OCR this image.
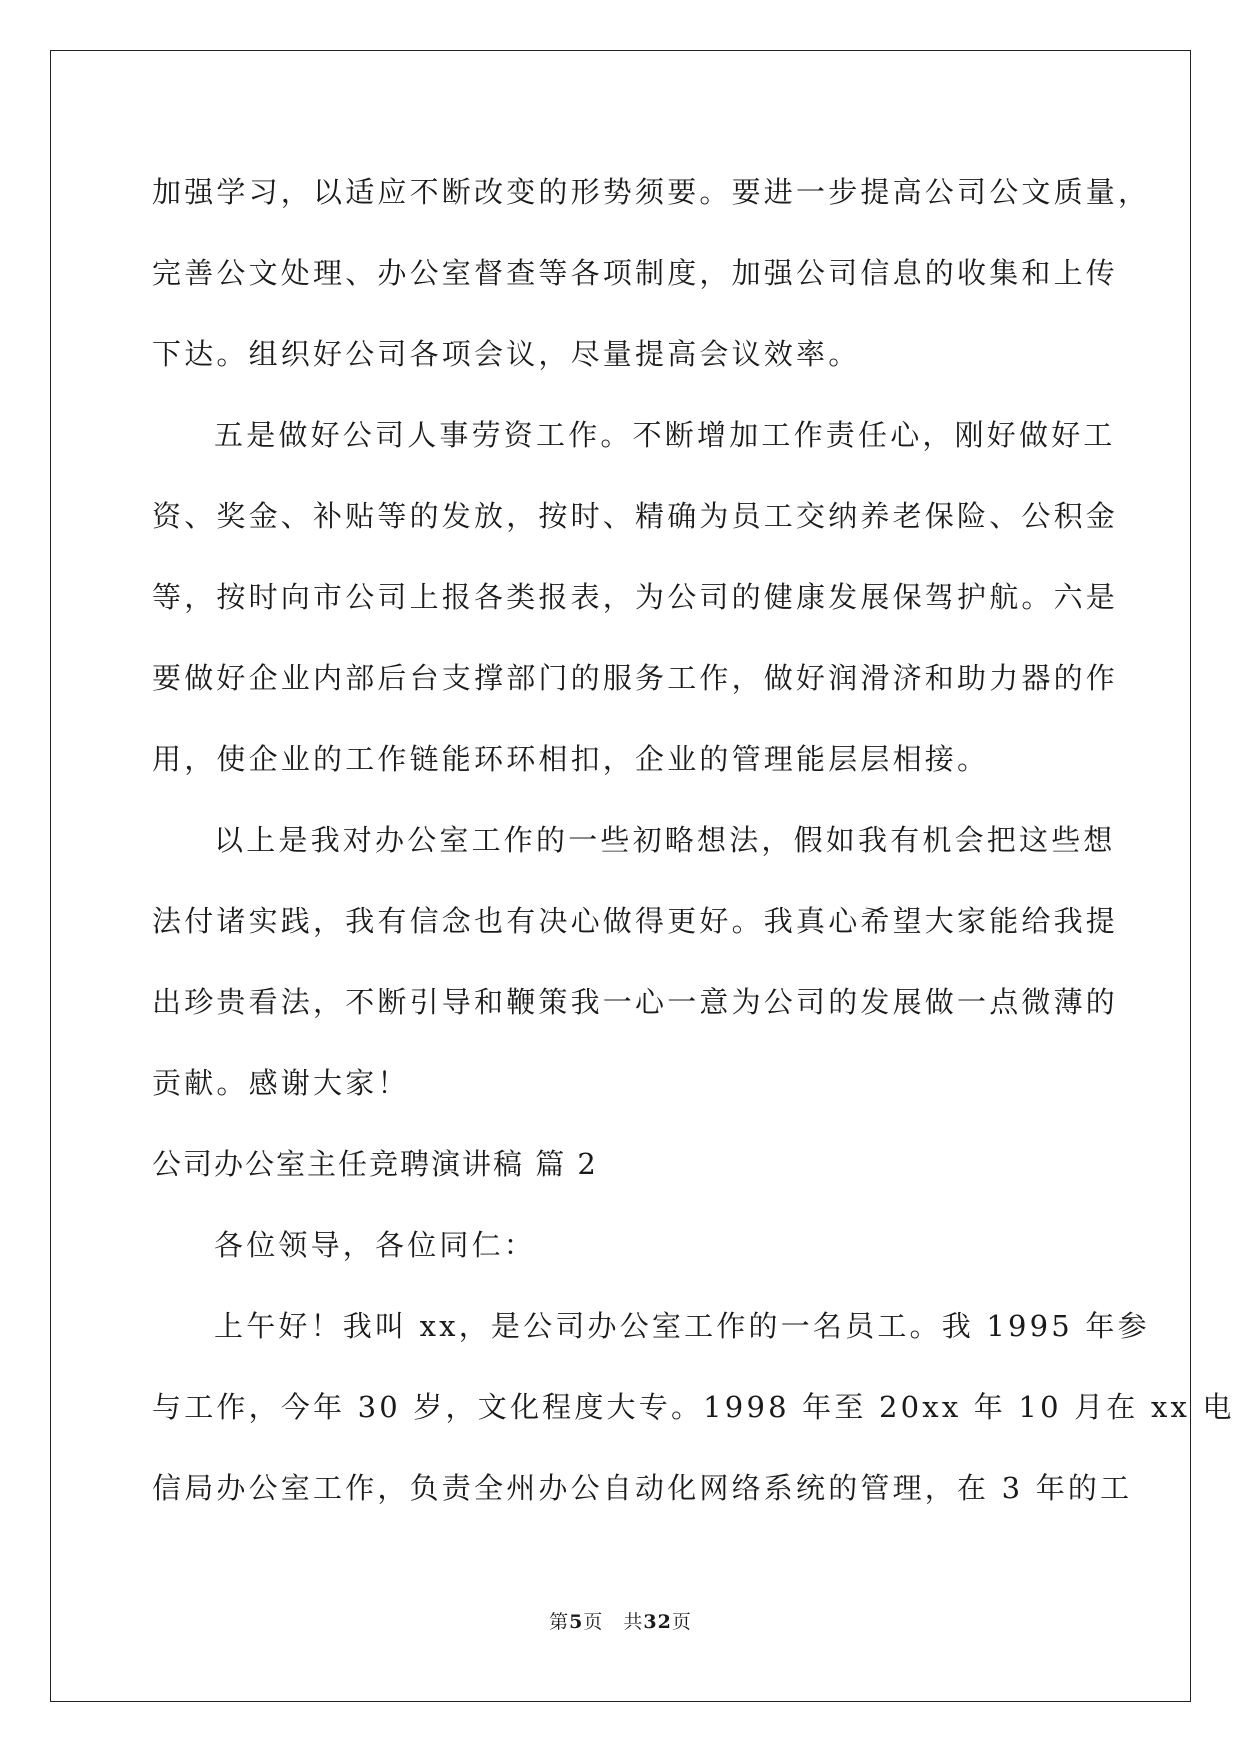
加强学习，以适应不断改变的形势须要。要进一步提高公司公文质量，
完善公文处理、办公室督查等各项制度，加强公司信息的收集和上传
下达。组织好公司各项会议，尽量提高会议效率。
五是做好公司人事劳资工作。不断增加工作责任心，刚好做好工
资、奖金、补贴等的发放，按时、精确为员工交纳养老保险、公积金
等，按时向市公司上报各类报表，为公司的健康发展保驾护航。六是
要做好企业内部后台支撑部门的服务工作，做好润滑济和助力器的作
用，使企业的工作链能环环相扣，企业的管理能层层相接。
以上是我对办公室工作的一些初略想法，假如我有机会把这些想
法付诸实践，我有信念也有决心做得更好。我真心希望大家能给我提
出珍贵看法，不断引导和鞭策我一心一意为公司的发展做一点微薄的
贡献。感谢大家！
公司办公室主任竞聘演讲稿 篇 2
各位领导，各位同仁：
上午好！我叫 xx，是公司办公室工作的一名员工。我 1995 年参
与工作，今年 30 岁，文化程度大专。1998 年至 20xx 年 10 月在 xx 电
信局办公室工作，负责全州办公自动化网络系统的管理，在 3 年的工
第5页　共32页
